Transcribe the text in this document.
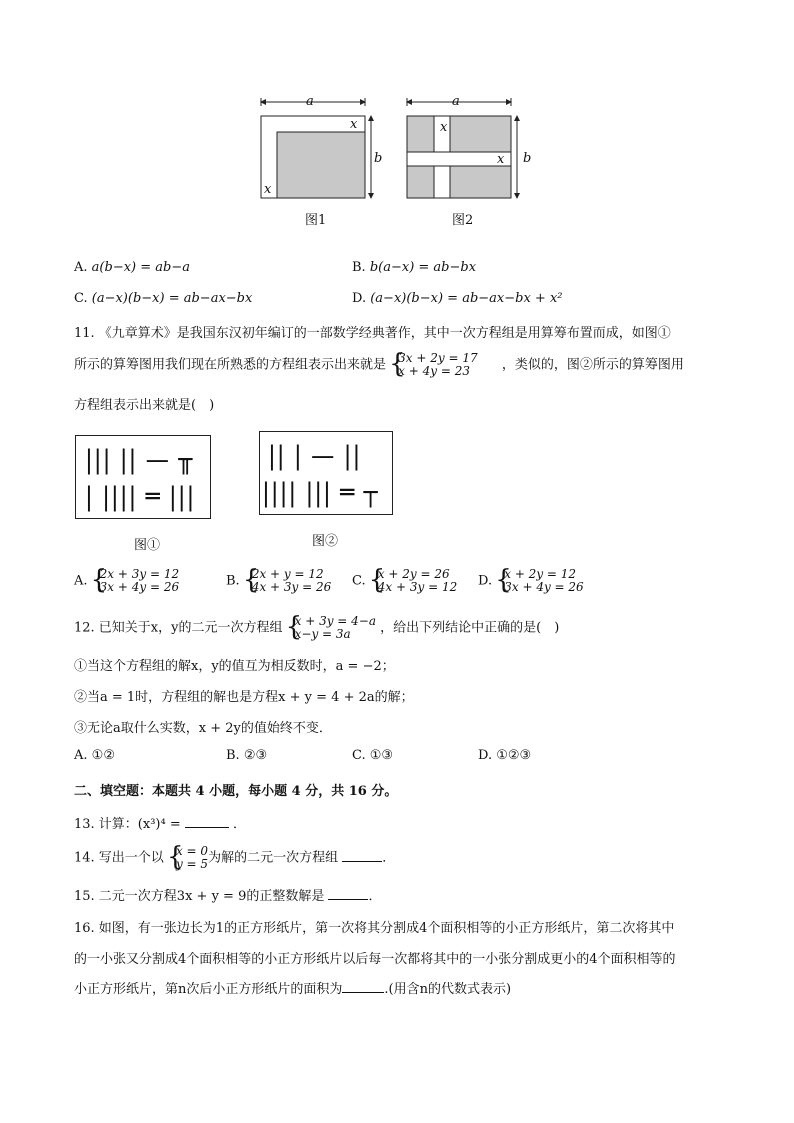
a
x
x
b
图1
a
x
x b
图2
A. a(b−x) = ab−a	B. b(a−x) = ab−bx
C. (a−x)(b−x) = ab−ax−bx	D. (a−x)(b−x) = ab−ax−bx + x²
11. 《九章算术》是我国东汉初年编订的一部数学经典著作，其中一次方程组是用算筹布置而成，如图①
所示的算筹图用我们现在所熟悉的方程组表示出来就是 { 3x + 2y = 17
x + 4y = 23	，类似的，图②所示的算筹图用
方程组表示出来就是(　)
||| || — ╥
| |||| ═ |||
图①
|| | — ||
|||| ||| ═ ┬
图②
A. { 2x + 3y = 12
3x + 4y = 26	B. { 2x + y = 12
4x + 3y = 26 C. { x + 2y = 26
4x + 3y = 12 D. { x + 2y = 12
3x + 4y = 26
12. 已知关于x，y的二元一次方程组 { x + 3y = 4−a
x−y = 3a	，给出下列结论中正确的是(　)
①当这个方程组的解x，y的值互为相反数时，a = −2；
②当a = 1时，方程组的解也是方程x + y = 4 + 2a的解；
③无论a取什么实数，x + 2y的值始终不变．
A. ①②	B. ②③	C. ①③	D. ①②③
二、填空题：本题共 4 小题，每小题 4 分，共 16 分。
13. 计算：(x³)⁴ =	．
14. 写出一个以 { x = 0
y = 5 为解的二元一次方程组	．
15. 二元一次方程3x + y = 9的正整数解是	．
16. 如图，有一张边长为1的正方形纸片，第一次将其分割成4个面积相等的小正方形纸片，第二次将其中
的一小张又分割成4个面积相等的小正方形纸片以后每一次都将其中的一小张分割成更小的4个面积相等的
小正方形纸片，第n次后小正方形纸片的面积为	.(用含n的代数式表示)
